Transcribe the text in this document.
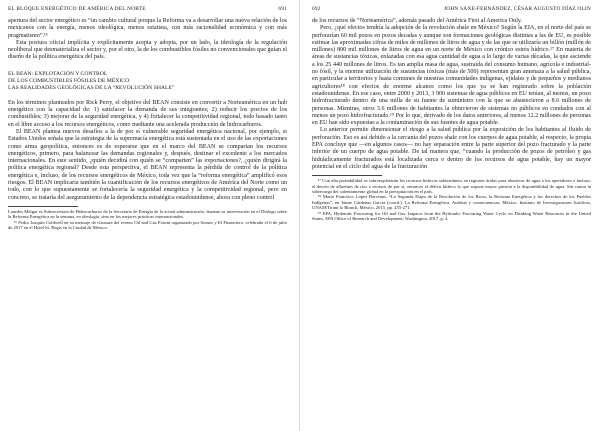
EL BLOQUE ENERGÉTICO DE AMÉRICA DEL NORTE	691

apertura del sector energético es “un cambio cultural porque la Reforma va a desarrollar una nueva relación de los mexicanos con la energía, menos ideológica, menos estatista, con más racionalidad económica y con más pragmatismo”.¹⁶

Esta postura oficial implícita y explícitamente acepta y adopta, por un lado, la ideología de la regulación neoliberal que desmaterializa el sector y, por el otro, la de los combustibles fósiles no convencionales que guían el diseño de la política energética del país.

EL BEAN: EXPLOTACIÓN Y CONTROL
DE LOS COMBUSTIBLES FÓSILES DE MÉXICO.
LAS REALIDADES GEOLÓGICAS DE LA “REVOLUCIÓN SHALE”

En los términos planteados por Rick Perry, el objetivo del BEAN consiste en convertir a Norteamérica en un hub energético con la capacidad de: 1) satisfacer la demanda de sus integrantes; 2) reducir los precios de los combustibles; 3) mejorar de la seguridad energética, y 4) fortalecer la competitividad regional, todo basado tanto en el libre acceso a los recursos energéticos, como mediante una acelerada producción de hidrocarburos.

El BEAN plantea nuevos desafíos a la de por sí vulnerable seguridad energética nacional, por ejemplo, si Estados Unidos señala que la estrategia de la supremacía energética está sustentada en el uso de las exportaciones como arma geopolítica, entonces es de esperarse que en el marco del BEAN se compartan los recursos energéticos, primero, para balancear las demandas regionales y, después, destinar el excedente a los mercados internacionales. En este sentido, ¿quién decidirá con quién se “comparten” las exportaciones?, ¿quién dirigirá la política energética regional? Desde esta perspectiva, el BEAN representa la pérdida de control de la política energética e, incluso, de los recursos energéticos de México, toda vez que la “reforma energética” amplificó esos riesgos. El BEAN implicaría también la cuantificación de los recursos energéticos de América del Norte como un todo, con lo que supuestamente se fortalecería la seguridad energética y la competitividad regional, pero en concreto, se trataría del aseguramiento de la dependencia estratégica estadounidense, ahora con pleno control

Lourdes Melgar es Subsecretaria de Hidrocarburos de la Secretaría de Energía de la actual administración, durante su intervención en el Diálogo sobre la Reforma Energética en la semana, en ideología, sino en los mejores prácticas internacionales.

¹⁶ Pedro Joaquín Coldwell en su mensaje de clausura del evento Oil and Gas Forum organizado por Somos y El Financiero, celebrado el 6 de julio de 2017 en el Hotel St. Regis en la Ciudad de México.

692	JOHN SAXE-FERNÁNDEZ, CÉSAR AUGUSTO DÍAZ OLIN

de los recursos de “Norteamérica”, además pasado del América First al America Only.

Pero, ¿qué efectos tendría la adopción de la revolución shale en México? Según la EIA, en el norte del país se perforarían 60 mil pozos en pozos decadas y aunque son formaciones geológicas distintas a las de EU, es posible estimar las aproximadas cifras de miles de millones de litros de agua y de las que se utilizaría un billón (millón de millones) 800 mil millones de litros de agua en un norte de México con crónico estrés hídrico.¹⁷ En materia de áreas de sustancias tóxicas, enlazadas con esa agua cantidad de agua a lo largo de varias décadas, la que asciende a los 25 440 millones de litros. Es tan amplia masa de agua, sustraída del consumo humano, agrícola e industrial-no fósil, y la enorme utilización de sustancias tóxicas (más de 500) representan gran amenaza a la salud pública, en particular a territorios y hasta comunes de nuestras comunidades indígenas, ejidales y de pequeños y medianos agricultores¹⁸ con efectos de enorme alcance como los que ya se han registrado sobre la población estadounidense. En ese caso, entre 2000 y 2013, 3 900 sistemas de agua públicos en EU tenían, al menos, un pozo hidrofracturado dentro de una milla de su fuente de suministro con la que se abastecieron a 8.6 millones de personas. Mientras, otros 3.6 millones de habitantes la obtuvieron de sistemas no públicos en condados con al menos un pozo hidrofracturado.¹⁹ Por lo que, derivado de los datos anteriores, al menos 12.2 millones de personas en EU han sido expuestas a la contaminación de sus fuentes de agua potable.

Lo anterior permite dimensionar el riesgo a la salud pública por la exposición de los habitantes al fluido de perforación. Eso es así debido a la cercanía del pozos shale con los cuerpos de agua potable, al respecto, la propia EPA concluye que —en algunos casos— no hay separación entre la parte superior del pozo fracturado y la parte inferior de un cuerpo de agua potable. De tal manera que, “cuando la producción de pozos de petróleo y gas hidráulicamente fracturados está localizada cerca o dentro de los recursos de agua potable, hay un mayor potencial en el ciclo del agua de la fracturación

¹⁷ Con alta probabilidad se sobreexplotarán los recursos hídricos subterráneos en regiones áridas para abastecer de agua a los operadores e incluso, el desvío de afluentes de ríos o escasos de por sí, entonces el déficit hídrico lo que supone mayor presión a la disponibilidad de agua. Sin contar la sobrecarga del calentamiento global en la precipitación en el país.

¹⁸ Mario Francisco López Bárcenas, “La Segunda Etapa de la Revolución de los Ricos, la Reforma Energética y los derechos de los Pueblos Indígenas”, en Jaime Cárdenas García (coord.), La Reforma Energética. Análisis y consecuencias, México, Instituto de Investigaciones Jurídicas, UNAM/Tirant lo Blanch, México, 2015, pp. 255-271.

¹⁹ EPA, Hydraulic Fracturing for Oil and Gas: Impacts from the Hydraulic Fracturing Water Cycle on Drinking Water Resources in the United States, EPA Office of Research and Development, Washington, 2017, p. 4.
